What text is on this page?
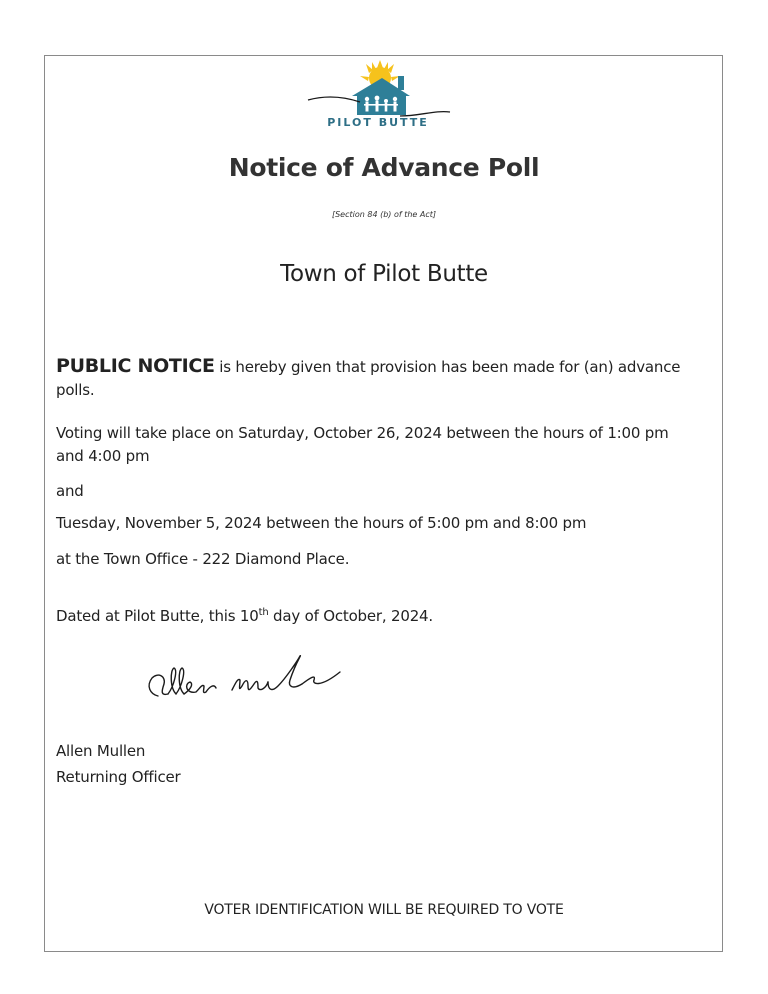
PILOT BUTTE
Notice of Advance Poll
[Section 84 (b) of the Act]
Town of Pilot Butte
PUBLIC NOTICE is hereby given that provision has been made for (an) advance polls.
Voting will take place on Saturday, October 26, 2024 between the hours of 1:00 pm and 4:00 pm
and
Tuesday, November 5, 2024 between the hours of 5:00 pm and 8:00 pm
at the Town Office - 222 Diamond Place.
Dated at Pilot Butte, this 10th day of October, 2024.
Allen Mullen
Returning Officer
VOTER IDENTIFICATION WILL BE REQUIRED TO VOTE
